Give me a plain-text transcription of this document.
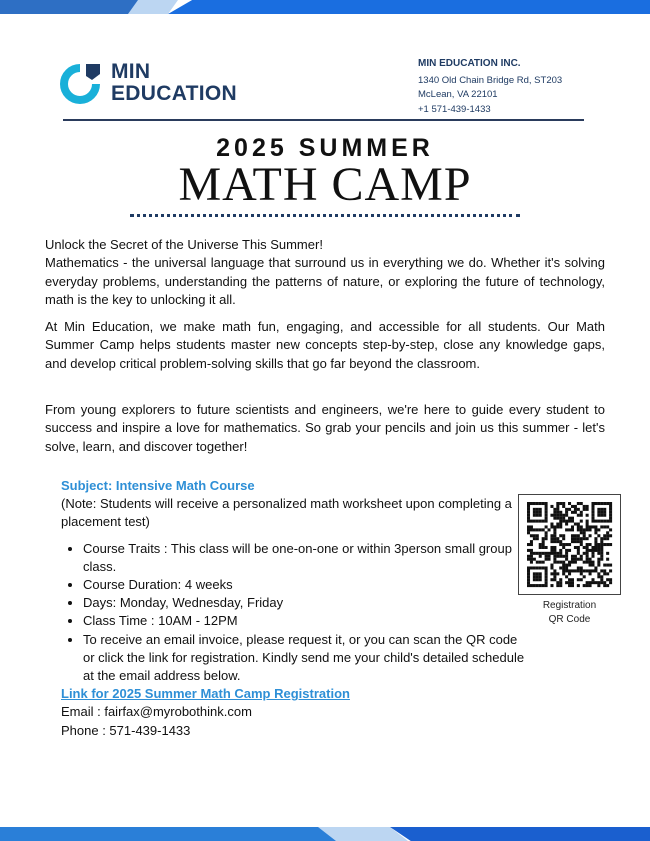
MIN
EDUCATION
MIN EDUCATION INC.
1340 Old Chain Bridge Rd, ST203
McLean, VA 22101
+1 571-439-1433
2025 SUMMER
MATH CAMP

Unlock the Secret of the Universe This Summer!

Mathematics - the universal language that surround us in everything we do. Whether it's solving everyday problems, understanding the patterns of nature, or exploring the future of technology, math is the key to unlocking it all.

At Min Education, we make math fun, engaging, and accessible for all students. Our Math Summer Camp helps students master new concepts step-by-step, close any knowledge gaps, and develop critical problem-solving skills that go far beyond the classroom.

From young explorers to future scientists and engineers, we're here to guide every student to success and inspire a love for mathematics. So grab your pencils and join us this summer - let's solve, learn, and discover together!

Subject: Intensive Math Course
(Note: Students will receive a personalized math worksheet upon completing a placement test)
• Course Traits : This class will be one-on-one or within 3person small group class.
• Course Duration: 4 weeks
• Days: Monday, Wednesday, Friday
• Class Time : 10AM - 12PM
• To receive an email invoice, please request it, or you can scan the QR code or click the link for registration. Kindly send me your child's detailed schedule at the email address below.
Link for 2025 Summer Math Camp Registration
Email : fairfax@myrobothink.com
Phone : 571-439-1433
Registration
QR Code
